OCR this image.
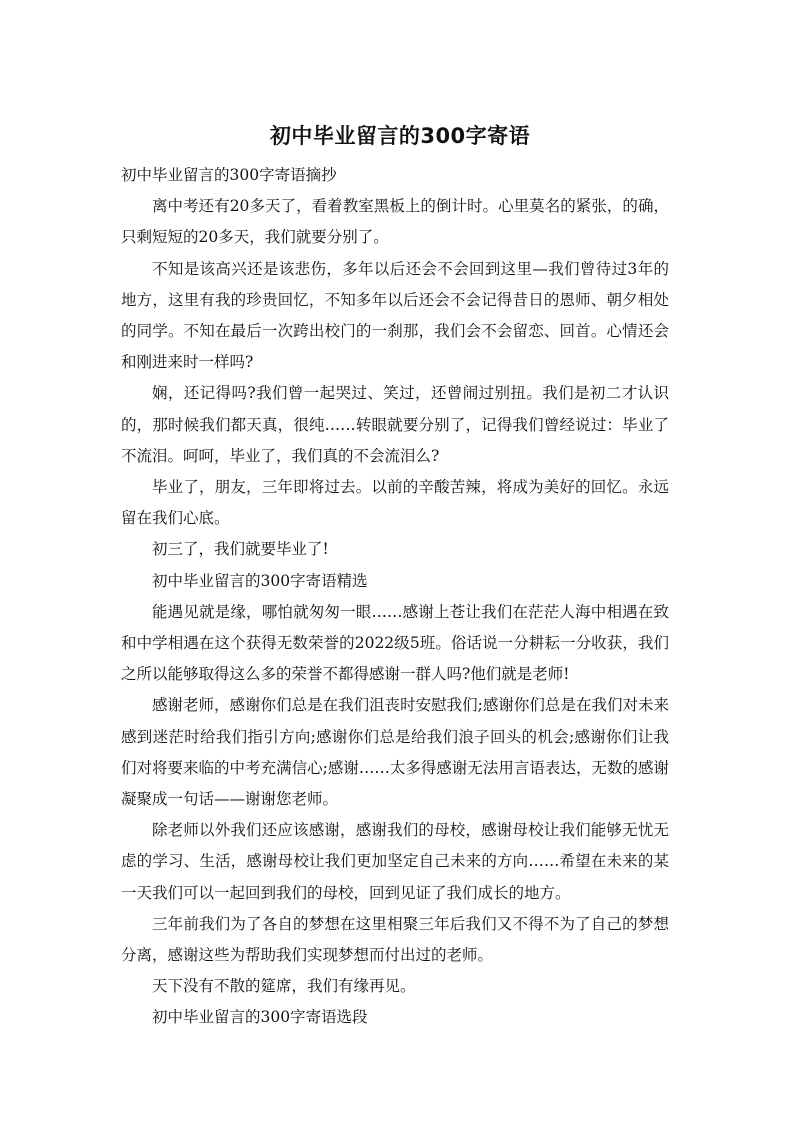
初中毕业留言的300字寄语

初中毕业留言的300字寄语摘抄

离中考还有20多天了，看着教室黑板上的倒计时。心里莫名的紧张，的确，只剩短短的20多天，我们就要分别了。

不知是该高兴还是该悲伤，多年以后还会不会回到这里—我们曾待过3年的地方，这里有我的珍贵回忆，不知多年以后还会不会记得昔日的恩师、朝夕相处的同学。不知在最后一次跨出校门的一刹那，我们会不会留恋、回首。心情还会和刚进来时一样吗?

娴，还记得吗?我们曾一起哭过、笑过，还曾闹过别扭。我们是初二才认识的，那时候我们都天真，很纯……转眼就要分别了，记得我们曾经说过：毕业了不流泪。呵呵，毕业了，我们真的不会流泪么?

毕业了，朋友，三年即将过去。以前的辛酸苦辣，将成为美好的回忆。永远留在我们心底。

初三了，我们就要毕业了!

初中毕业留言的300字寄语精选

能遇见就是缘，哪怕就匆匆一眼……感谢上苍让我们在茫茫人海中相遇在致和中学相遇在这个获得无数荣誉的2022级5班。俗话说一分耕耘一分收获，我们之所以能够取得这么多的荣誉不都得感谢一群人吗?他们就是老师!

感谢老师，感谢你们总是在我们沮丧时安慰我们;感谢你们总是在我们对未来感到迷茫时给我们指引方向;感谢你们总是给我们浪子回头的机会;感谢你们让我们对将要来临的中考充满信心;感谢……太多得感谢无法用言语表达，无数的感谢凝聚成一句话——谢谢您老师。

除老师以外我们还应该感谢，感谢我们的母校，感谢母校让我们能够无忧无虑的学习、生活，感谢母校让我们更加坚定自己未来的方向……希望在未来的某一天我们可以一起回到我们的母校，回到见证了我们成长的地方。

三年前我们为了各自的梦想在这里相聚三年后我们又不得不为了自己的梦想分离，感谢这些为帮助我们实现梦想而付出过的老师。

天下没有不散的筵席，我们有缘再见。

初中毕业留言的300字寄语选段
